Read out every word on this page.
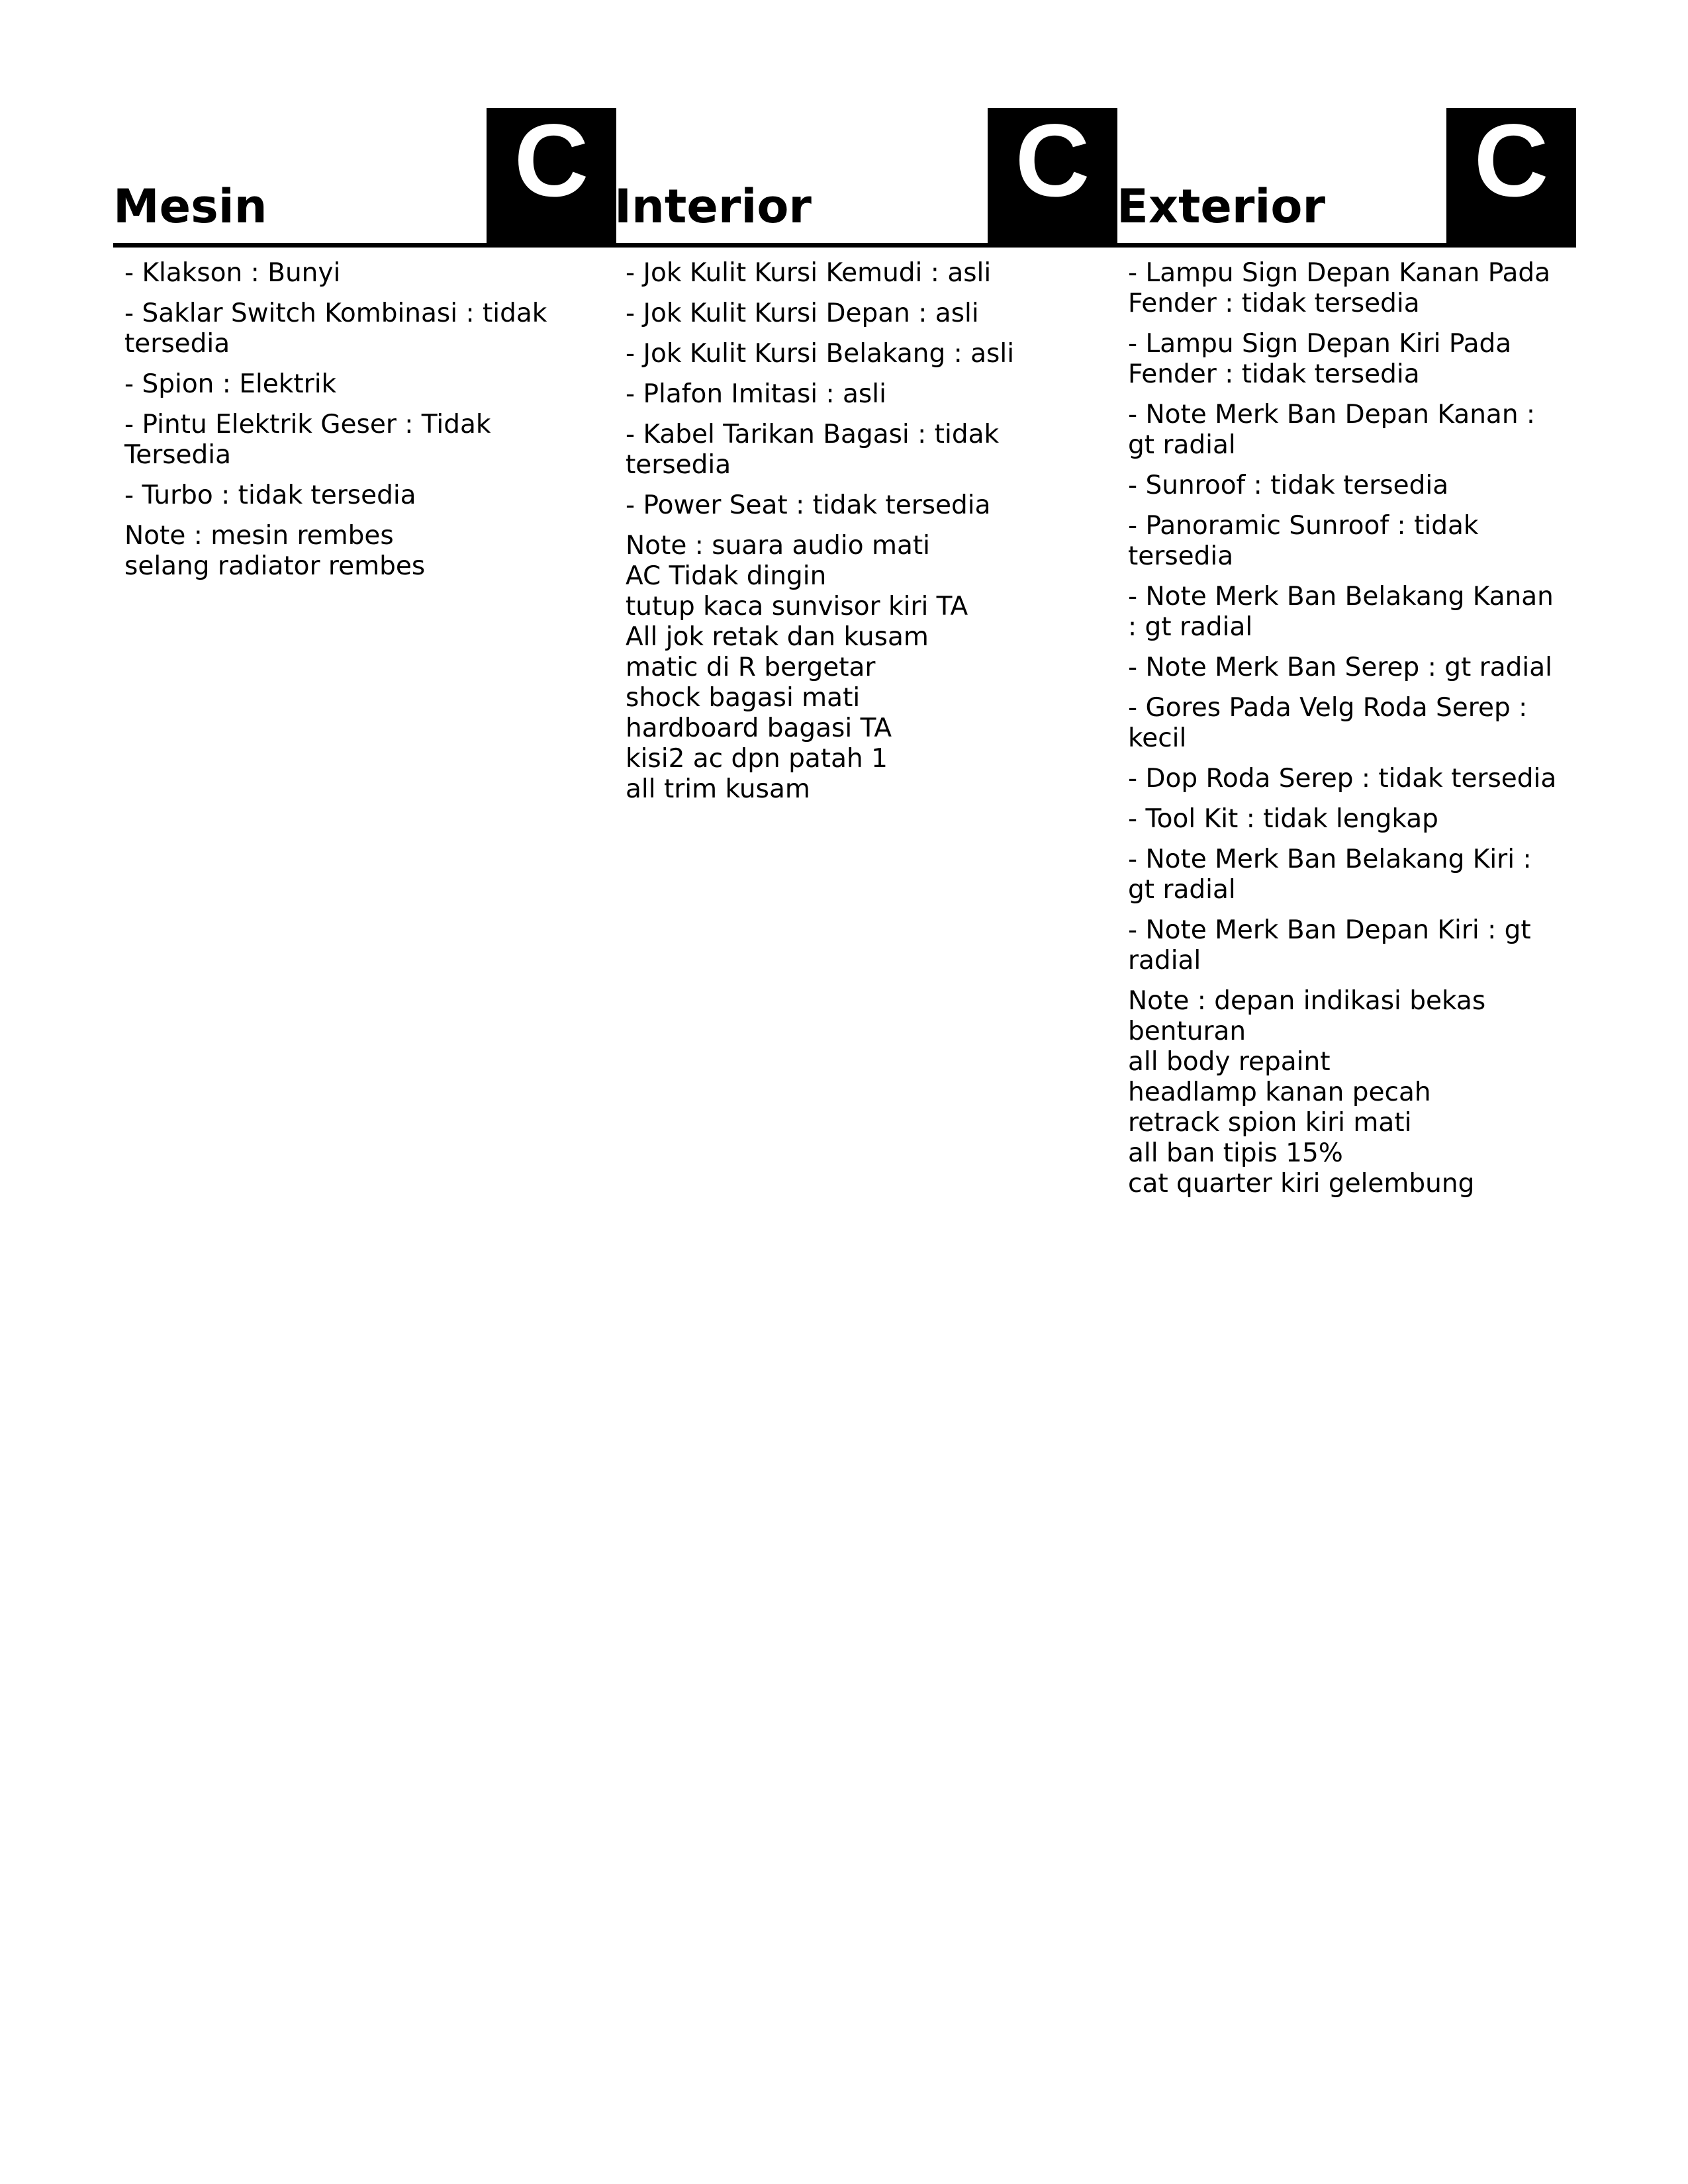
Mesin C
- Klakson : Bunyi
- Saklar Switch Kombinasi : tidak tersedia
- Spion : Elektrik
- Pintu Elektrik Geser : Tidak Tersedia
- Turbo : tidak tersedia
Note : mesin rembes
selang radiator rembes
Interior C
- Jok Kulit Kursi Kemudi : asli
- Jok Kulit Kursi Depan : asli
- Jok Kulit Kursi Belakang : asli
- Plafon Imitasi : asli
- Kabel Tarikan Bagasi : tidak tersedia
- Power Seat : tidak tersedia
Note : suara audio mati
AC Tidak dingin
tutup kaca sunvisor kiri TA
All jok retak dan kusam
matic di R bergetar
shock bagasi mati
hardboard bagasi TA
kisi2 ac dpn patah 1
all trim kusam
Exterior C
- Lampu Sign Depan Kanan Pada Fender : tidak tersedia
- Lampu Sign Depan Kiri Pada Fender : tidak tersedia
- Note Merk Ban Depan Kanan : gt radial
- Sunroof : tidak tersedia
- Panoramic Sunroof : tidak tersedia
- Note Merk Ban Belakang Kanan : gt radial
- Note Merk Ban Serep : gt radial
- Gores Pada Velg Roda Serep : kecil
- Dop Roda Serep : tidak tersedia
- Tool Kit : tidak lengkap
- Note Merk Ban Belakang Kiri : gt radial
- Note Merk Ban Depan Kiri : gt radial
Note : depan indikasi bekas benturan
all body repaint
headlamp kanan pecah
retrack spion kiri mati
all ban tipis 15%
cat quarter kiri gelembung
